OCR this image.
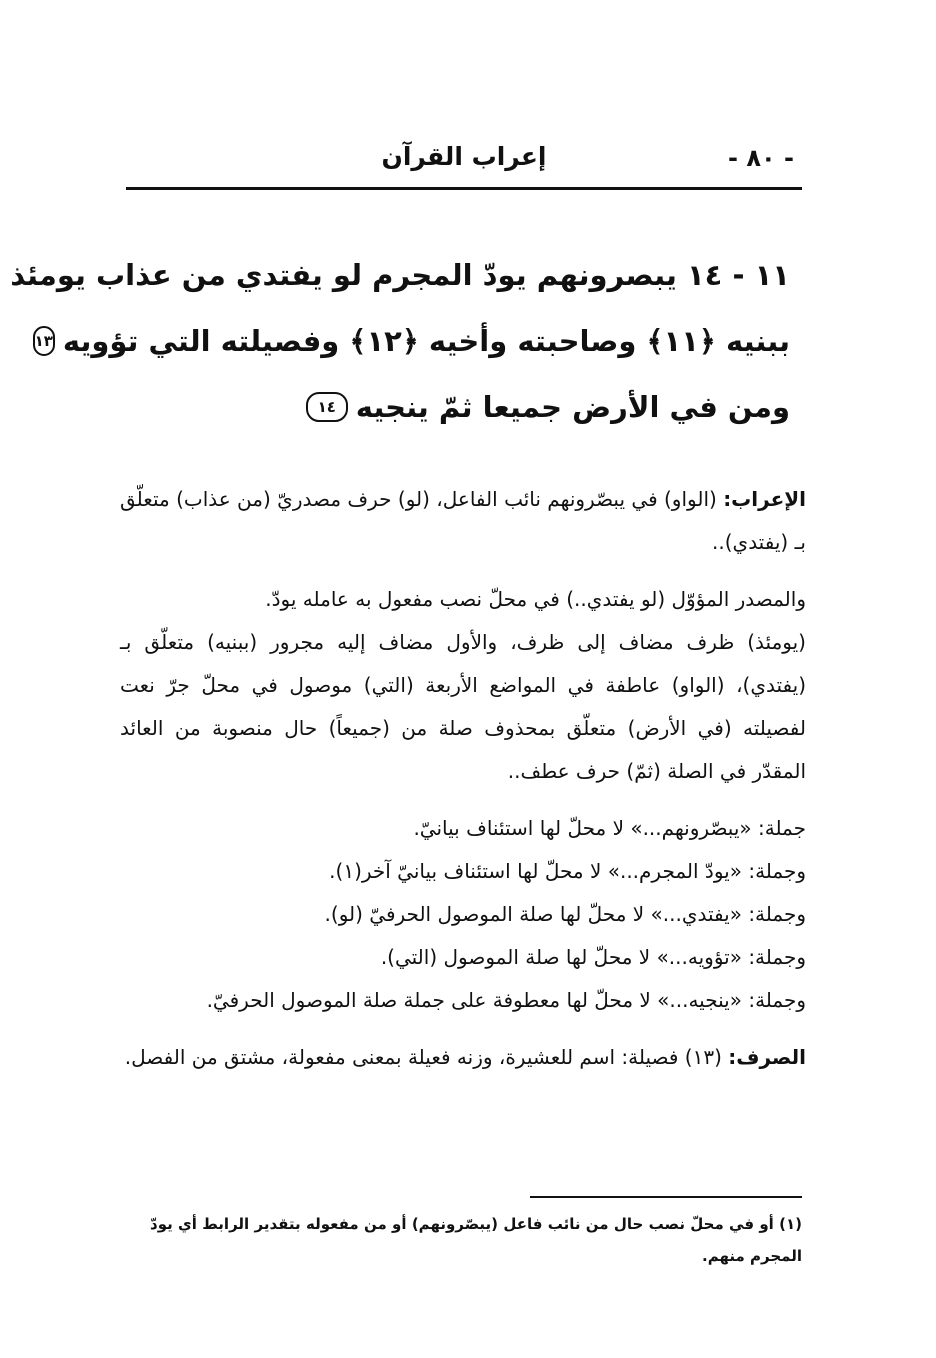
- ٨٠ -
إعراب القرآن
١١ - ١٤ يبصرونهم يودّ المجرم لو يفتدي من عذاب يومئذ
ببنيه ﴿١١﴾ وصاحبته وأخيه ﴿١٢﴾ وفصيلته التي تؤويه
١٣
ومن في الأرض جميعا ثمّ ينجيه
١٤

الإعراب: (الواو) في يبصّرونهم نائب الفاعل، (لو) حرف مصدريّ (من عذاب) متعلّق بـ (يفتدي)..

والمصدر المؤوّل (لو يفتدي..) في محلّ نصب مفعول به عامله يودّ.

(يومئذ) ظرف مضاف إلى ظرف، والأول مضاف إليه مجرور (ببنيه) متعلّق بـ (يفتدي)، (الواو) عاطفة في المواضع الأربعة (التي) موصول في محلّ جرّ نعت لفصيلته (في الأرض) متعلّق بمحذوف صلة من (جميعاً) حال منصوبة من العائد المقدّر في الصلة (ثمّ) حرف عطف..

جملة: «يبصّرونهم...» لا محلّ لها استئناف بيانيّ.

وجملة: «يودّ المجرم...» لا محلّ لها استئناف بيانيّ آخر(١).

وجملة: «يفتدي...» لا محلّ لها صلة الموصول الحرفيّ (لو).

وجملة: «تؤويه...» لا محلّ لها صلة الموصول (التي).

وجملة: «ينجيه...» لا محلّ لها معطوفة على جملة صلة الموصول الحرفيّ.

الصرف: (١٣) فصيلة: اسم للعشيرة، وزنه فعيلة بمعنى مفعولة، مشتق من الفصل.

(١) أو في محلّ نصب حال من نائب فاعل (يبصّرونهم) أو من مفعوله بتقدير الرابط أي يودّ المجرم منهم.
